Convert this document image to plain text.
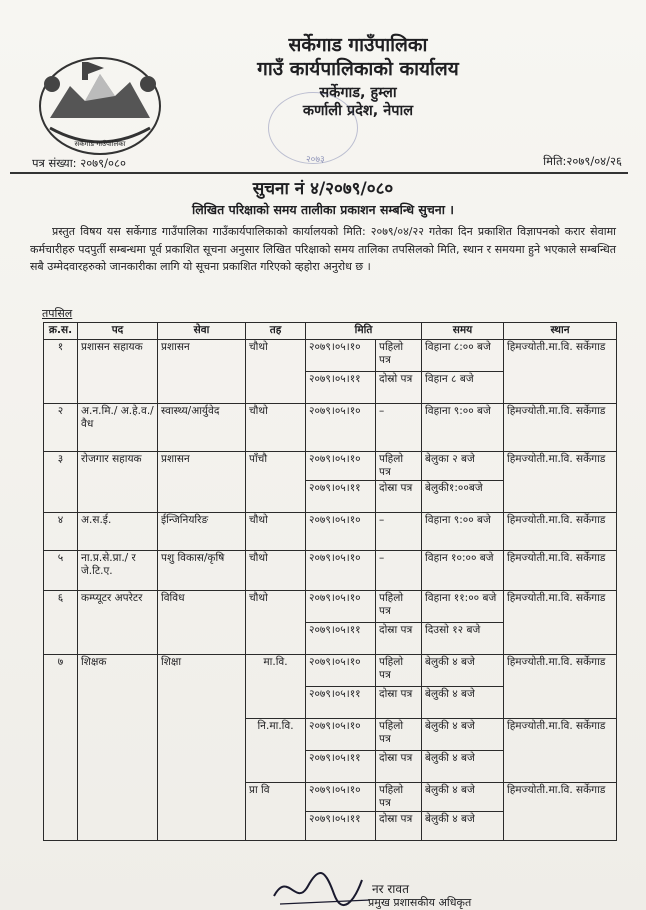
सर्केगाड गाउँपालिका
सर्केगाड गाउँपालिका
गाउँ कार्यपालिकाको कार्यालय
सर्केगाड, हुम्ला
कर्णाली प्रदेश, नेपाल
२०७३
पत्र संख्या: २०७९/०८०	मिति:२०७९/०४/२६
सुचना नं ४/२०७९/०८०
लिखित परिक्षाको समय तालीका प्रकाशन सम्बन्धि सुचना ।
प्रस्तुत विषय यस सर्केगाड गाउँपालिका गाउँकार्यपालिकाको कार्यालयको मिति: २०७९/०४/२२ गतेका दिन प्रकाशित विज्ञापनको करार सेवामा कर्मचारीहरु पदपुर्ती सम्बन्धमा पूर्व प्रकाशित सूचना अनुसार लिखित परिक्षाको समय तालिका तपसिलको मिति, स्थान र समयमा हुने भएकाले सम्बन्धित सबै उम्मेदवारहरुको जानकारीका लागि यो सूचना प्रकाशित गरिएको व्हहोरा अनुरोध छ ।
तपसिल
क्र.स.	पद	सेवा	तह	मिति		समय	स्थान
१	प्रशासन सहायक	प्रशासन	चौथो	२०७९।०५।१०	पहिलो पत्र	विहाना ८:०० बजे	हिमज्योती.मा.वि. सर्केगाड
				२०७९।०५।११	दोस्रो पत्र	विहान ८ बजे	
२	अ.न.मि./ अ.हे.व./ वैध	स्वास्थ्य/आर्युवेद	चौथो	२०७९।०५।१०	–	विहाना ९:०० बजे	हिमज्योती.मा.वि. सर्केगाड
३	रोजगार सहायक	प्रशासन	पाँचौ	२०७९।०५।१०	पहिलो पत्र	बेलुका २ बजे	हिमज्योती.मा.वि. सर्केगाड
				२०७९।०५।११	दोस्रा पत्र	बेलुकी१:००बजे	
४	अ.स.ई.	ईन्जिनियरिङ	चौथो	२०७९।०५।१०	–	विहाना ९:०० बजे	हिमज्योती.मा.वि. सर्केगाड
५	ना.प्र.से.प्रा./ र जे.टि.ए.	पशु विकास/कृषि	चौथो	२०७९।०५।१०	–	विहान १०:०० बजे	हिमज्योती.मा.वि. सर्केगाड
६	कम्प्यूटर अपरेटर	विविध	चौथो	२०७९।०५।१०	पहिलो पत्र	विहाना ११:०० बजे	हिमज्योती.मा.वि. सर्केगाड
				२०७९।०५।११	दोस्रा पत्र	दिउसो १२ बजे	
७	शिक्षक	शिक्षा	मा.वि.	२०७९।०५।१०	पहिलो पत्र	बेलुकी ४ बजे	हिमज्योती.मा.वि. सर्केगाड
				२०७९।०५।११	दोस्रा पत्र	बेलुकी ४ बजे	
			नि.मा.वि.	२०७९।०५।१०	पहिलो पत्र	बेलुकी ४ बजे	हिमज्योती.मा.वि. सर्केगाड
				२०७९।०५।११	दोस्रा पत्र	बेलुकी ४ बजे	
			प्रा वि	२०७९।०५।१०	पहिलो पत्र	बेलुकी ४ बजे	हिमज्योती.मा.वि. सर्केगाड
				२०७९।०५।११	दोस्रा पत्र	बेलुकी ४ बजे	
नर रावत
प्रमुख प्रशासकीय अधिकृत
